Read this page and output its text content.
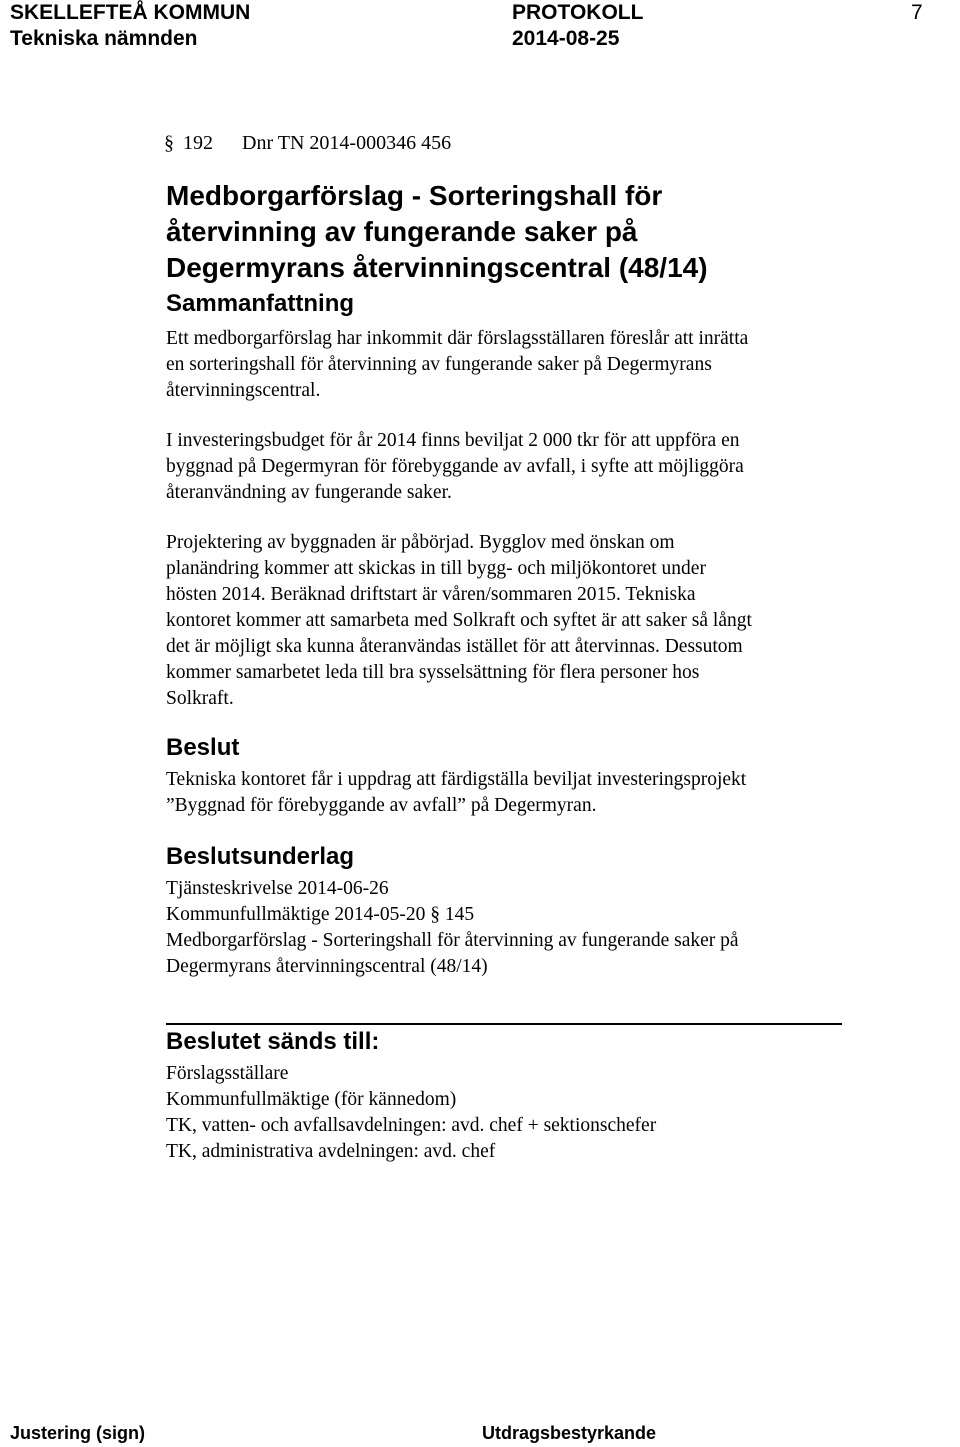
SKELLEFTEÅ KOMMUN	PROTOKOLL	7
Tekniska nämnden	2014-08-25
§ 192 Dnr TN 2014-000346 456
Medborgarförslag - Sorteringshall för
återvinning av fungerande saker på
Degermyrans återvinningscentral (48/14)
Sammanfattning
Ett medborgarförslag har inkommit där förslagsställaren föreslår att inrätta
en sorteringshall för återvinning av fungerande saker på Degermyrans
återvinningscentral.
I investeringsbudget för år 2014 finns beviljat 2 000 tkr för att uppföra en
byggnad på Degermyran för förebyggande av avfall, i syfte att möjliggöra
återanvändning av fungerande saker.
Projektering av byggnaden är påbörjad. Bygglov med önskan om
planändring kommer att skickas in till bygg- och miljökontoret under
hösten 2014. Beräknad driftstart är våren/sommaren 2015. Tekniska
kontoret kommer att samarbeta med Solkraft och syftet är att saker så långt
det är möjligt ska kunna återanvändas istället för att återvinnas. Dessutom
kommer samarbetet leda till bra sysselsättning för flera personer hos
Solkraft.
Beslut
Tekniska kontoret får i uppdrag att färdigställa beviljat investeringsprojekt
”Byggnad för förebyggande av avfall” på Degermyran.
Beslutsunderlag
Tjänsteskrivelse 2014-06-26
Kommunfullmäktige 2014-05-20 § 145
Medborgarförslag - Sorteringshall för återvinning av fungerande saker på
Degermyrans återvinningscentral (48/14)
Beslutet sänds till:
Förslagsställare
Kommunfullmäktige (för kännedom)
TK, vatten- och avfallsavdelningen: avd. chef + sektionschefer
TK, administrativa avdelningen: avd. chef
Justering (sign)	Utdragsbestyrkande
